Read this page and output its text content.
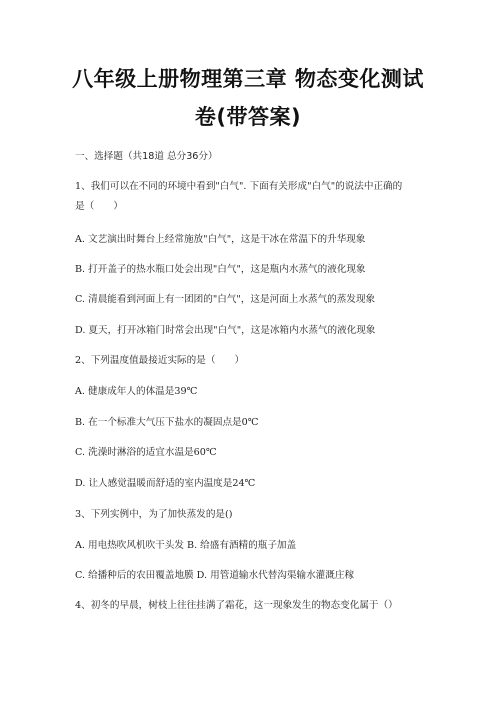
八年级上册物理第三章 物态变化测试
卷(带答案)
一、选择题（共18道 总分36分）
1、我们可以在不同的环境中看到"白气". 下面有关形成"白气"的说法中正确的
是（　　）
A. 文艺演出时舞台上经常施放"白气"，这是干冰在常温下的升华现象
B. 打开盖子的热水瓶口处会出现"白气"，这是瓶内水蒸气的液化现象
C. 清晨能看到河面上有一团团的"白气"，这是河面上水蒸气的蒸发现象
D. 夏天，打开冰箱门时常会出现"白气"，这是冰箱内水蒸气的液化现象
2、下列温度值最接近实际的是（　　）
A. 健康成年人的体温是39℃
B. 在一个标准大气压下盐水的凝固点是0℃
C. 洗澡时淋浴的适宜水温是60℃
D. 让人感觉温暖而舒适的室内温度是24℃
3、下列实例中，为了加快蒸发的是()
A. 用电热吹风机吹干头发 B. 给盛有酒精的瓶子加盖
C. 给播种后的农田覆盖地膜 D. 用管道输水代替沟渠输水灌溉庄稼
4、初冬的早晨，树枝上往往挂满了霜花，这一现象发生的物态变化属于（）
